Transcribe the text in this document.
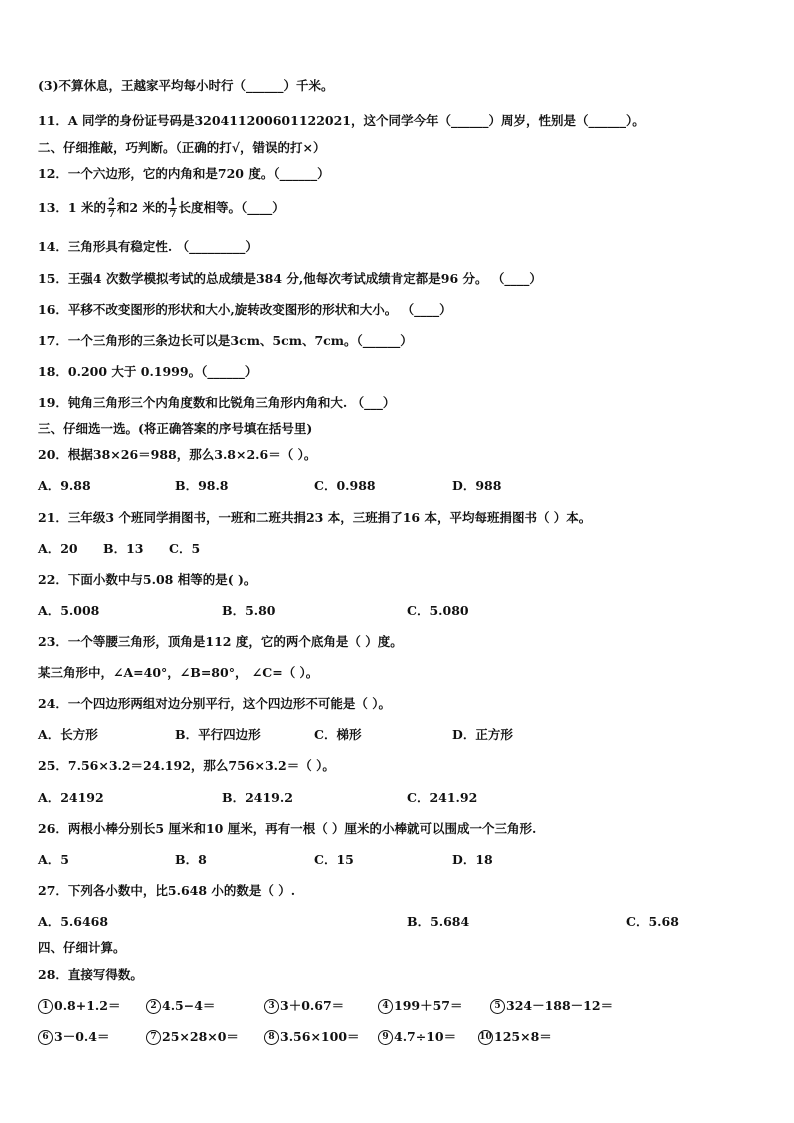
(3)不算休息，王越家平均每小时行（______）千米。
11．A 同学的身份证号码是320411200601122021，这个同学今年（______）周岁，性别是（______）。
二、仔细推敲，巧判断。（正确的打√，错误的打×）
12．一个六边形，它的内角和是720 度。（______）
13．1 米的 $\frac{2}{7}$ 和2 米的 $\frac{1}{7}$ 长度相等。（____）
14．三角形具有稳定性. （_________）
15．王强4 次数学模拟考试的总成绩是384 分,他每次考试成绩肯定都是96 分。 （____）
16．平移不改变图形的形状和大小,旋转改变图形的形状和大小。 （____）
17．一个三角形的三条边长可以是3cm、5cm、7cm。（______）
18．0.200 大于 0.1999。（______）
19．钝角三角形三个内角度数和比锐角三角形内角和大. （___）
三、仔细选一选。(将正确答案的序号填在括号里)
20．根据38×26＝988，那么3.8×2.6＝（ ）。
A．9.88	B．98.8	C．0.988	D．988
21．三年级3 个班同学捐图书，一班和二班共捐23 本，三班捐了16 本，平均每班捐图书（ ）本。
A．20 B．13 C．5
22．下面小数中与5.08 相等的是( )。
A．5.008	B．5.80	C．5.080
23．一个等腰三角形，顶角是112 度，它的两个底角是（ ）度。
某三角形中，∠A=40°，∠B=80°， ∠C=（ ）。
24．一个四边形两组对边分别平行，这个四边形不可能是（ ）。
A．长方形	B．平行四边形	C．梯形	D．正方形
25．7.56×3.2＝24.192，那么756×3.2＝（ ）。
A．24192	B．2419.2	C．241.92
26．两根小棒分别长5 厘米和10 厘米，再有一根（ ）厘米的小棒就可以围成一个三角形.
A．5	B．8	C．15	D．18
27．下列各小数中，比5.648 小的数是（ ）.
A．5.6468	B．5.684	C．5.68
四、仔细计算。
28．直接写得数。
1 0.8+1.2＝	2 4.5−4＝	3 3＋0.67＝	4 199＋57＝	5 324－188－12＝
6 3－0.4＝	7 25×28×0＝	8 3.56×100＝	9 4.7÷10＝	10 125×8＝
